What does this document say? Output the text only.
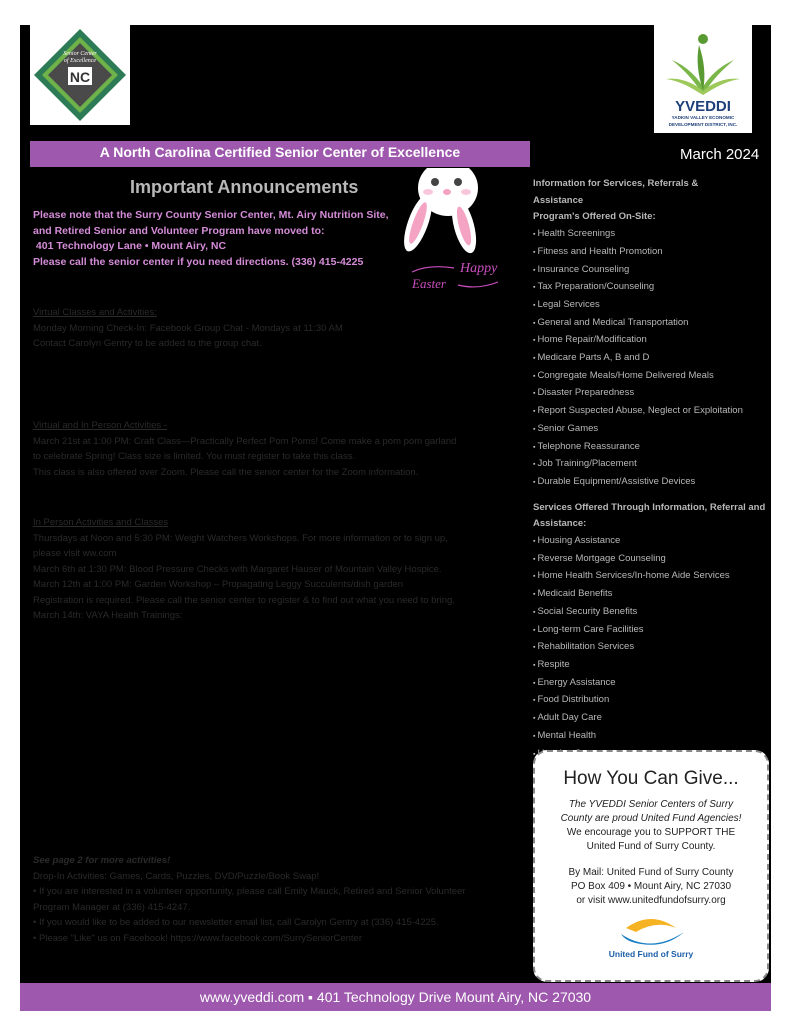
Senior Center
of Excellence
NC
YVEDDI
YADKIN VALLEY ECONOMIC
DEVELOPMENT DISTRICT, INC.
A North Carolina Certified Senior Center of Excellence	March 2024
Happy
Easter
Important Announcements
Please note that the Surry County Senior Center, Mt. Airy Nutrition Site,
and Retired Senior and Volunteer Program have moved to:
401 Technology Lane • Mount Airy, NC
Please call the senior center if you need directions. (336) 415-4225
Virtual Classes and Activities:
Monday Morning Check-In: Facebook Group Chat - Mondays at 11:30 AM
Contact Carolyn Gentry to be added to the group chat.
Virtual and In Person Activities -
March 21st at 1:00 PM: Craft Class—Practically Perfect Pom Poms! Come make a pom pom garland
to celebrate Spring! Class size is limited. You must register to take this class.
This class is also offered over Zoom. Please call the senior center for the Zoom information.
In Person Activities and Classes
Thursdays at Noon and 5:30 PM: Weight Watchers Workshops. For more information or to sign up,
please visit ww.com
March 6th at 1:30 PM: Blood Pressure Checks with Margaret Hauser of Mountain Valley Hospice.
March 12th at 1:00 PM: Garden Workshop – Propagating Leggy Succulents/dish garden
Registration is required. Please call the senior center to register & to find out what you need to bring.
March 14th: VAYA Health Trainings:
See page 2 for more activities!
Drop-In Activities: Games, Cards, Puzzles, DVD/Puzzle/Book Swap!
• If you are interested in a volunteer opportunity, please call Emily Mauck, Retired and Senior Volunteer
Program Manager at (336) 415-4247.
• If you would like to be added to our newsletter email list, call Carolyn Gentry at (336) 415-4225.
• Please "Like" us on Facebook! https://www.facebook.com/SurrySeniorCenter
Information for Services, Referrals &
Assistance
Program's Offered On-Site:
▪ Health Screenings
▪ Fitness and Health Promotion
▪ Insurance Counseling
▪ Tax Preparation/Counseling
▪ Legal Services
▪ General and Medical Transportation
▪ Home Repair/Modification
▪ Medicare Parts A, B and D
▪ Congregate Meals/Home Delivered Meals
▪ Disaster Preparedness
▪ Report Suspected Abuse, Neglect or Exploitation
▪ Senior Games
▪ Telephone Reassurance
▪ Job Training/Placement
▪ Durable Equipment/Assistive Devices
Services Offered Through Information, Referral and
Assistance:
▪ Housing Assistance
▪ Reverse Mortgage Counseling
▪ Home Health Services/In-home Aide Services
▪ Medicaid Benefits
▪ Social Security Benefits
▪ Long-term Care Facilities
▪ Rehabilitation Services
▪ Respite
▪ Energy Assistance
▪ Food Distribution
▪ Adult Day Care
▪ Mental Health
▪
How You Can Give...
The YVEDDI Senior Centers of Surry
County are proud United Fund Agencies!
We encourage you to SUPPORT THE
United Fund of Surry County.
By Mail: United Fund of Surry County
PO Box 409 • Mount Airy, NC 27030
or visit www.unitedfundofsurry.org
United Fund of Surry
www.yveddi.com ▪ 401 Technology Drive Mount Airy, NC 27030
